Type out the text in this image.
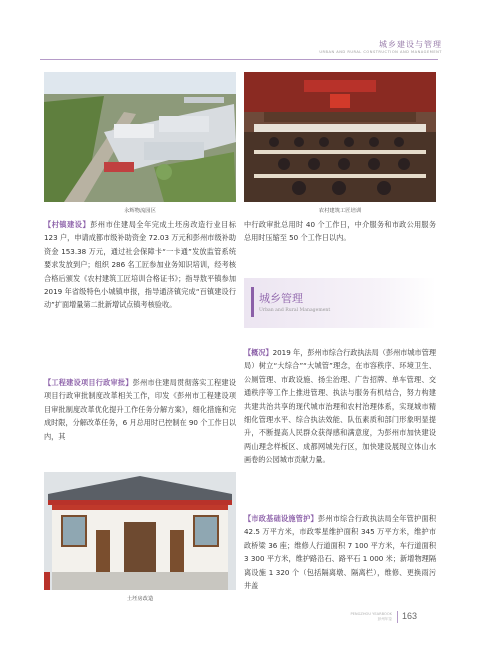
城乡建设与管理
URBAN AND RURAL CONSTRUCTION AND MANAGEMENT
永辉物流园区	农村建筑工匠培训
【村镇建设】彭州市住建局全年完成土坯房改造行业目标 123 户，申请成都市级补助资金 72.03 万元和彭州市级补助资金 153.38 万元，通过社会保障卡“一卡通”发放监管系统要求发放到户；组织 286 名工匠参加业务知识培训，经考核合格后颁发《农村建筑工匠培训合格证书》；指导敖平镇参加 2019 年省级特色小城镇申报，指导通济镇完成“百镇建设行动”扩面增量第二批新增试点镇考核验收。
【工程建设项目行政审批】彭州市住建局贯彻落实工程建设项目行政审批制度改革相关工作，印发《彭州市工程建设项目审批制度改革优化提升工作任务分解方案》，细化措施和完成时限，分解改革任务，6 月总用时已控制在 90 个工作日以内，其
土坯房改造
中行政审批总用时 40 个工作日，中介服务和市政公用服务总用时压缩至 50 个工作日以内。
城乡管理
Urban and Rural Management
【概况】2019 年，彭州市综合行政执法局（彭州市城市管理局）树立“大综合”“大城管”理念，在市容秩序、环境卫生、公厕管理、市政设施、扬尘治理、广告招牌、单车管理、交通秩序等工作上推进管理、执法与服务有机结合，努力构建共建共治共享的现代城市治理和农村治理体系，实现城市精细化管理水平、综合执法效能、队伍素质和部门形象明显提升，不断提高人民群众获得感和满意度，为彭州市加快建设两山理念样板区、成都网城先行区，加快建设展现立体山水画卷的公园城市贡献力量。
【市政基础设施管护】彭州市综合行政执法局全年管护面积 42.5 万平方米，市政零星维护面积 345 万平方米，维护市政桥梁 36 座；维修人行道面积 7 100 平方米，车行道面积 3 300 平方米，维护路沿石、路平石 1 000 米；新增物理隔离设施 1 320 个（包括隔离墩、隔离栏），维修、更换雨污井盖
PENGZHOU YEARBOOK
彭州年鉴 163
